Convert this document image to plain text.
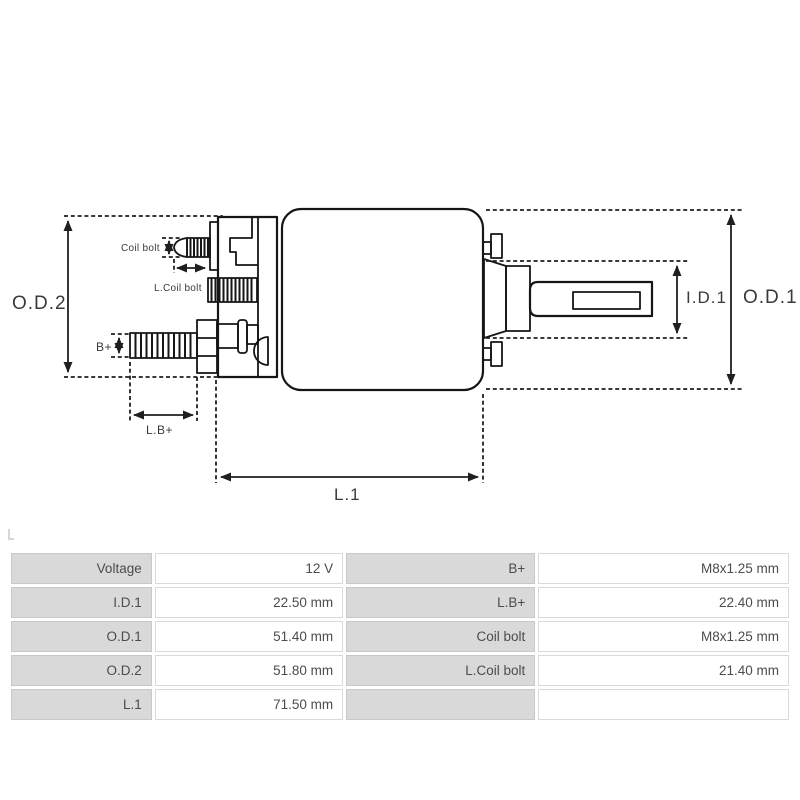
O.D.2	O.D.1
I.D.1
L.1
L.B+
B+
Coil bolt
L.Coil bolt
Voltage	12 V	B+	M8x1.25 mm
I.D.1	22.50 mm	L.B+	22.40 mm
O.D.1	51.40 mm	Coil bolt	M8x1.25 mm
O.D.2	51.80 mm	L.Coil bolt	21.40 mm
L.1	71.50 mm		
